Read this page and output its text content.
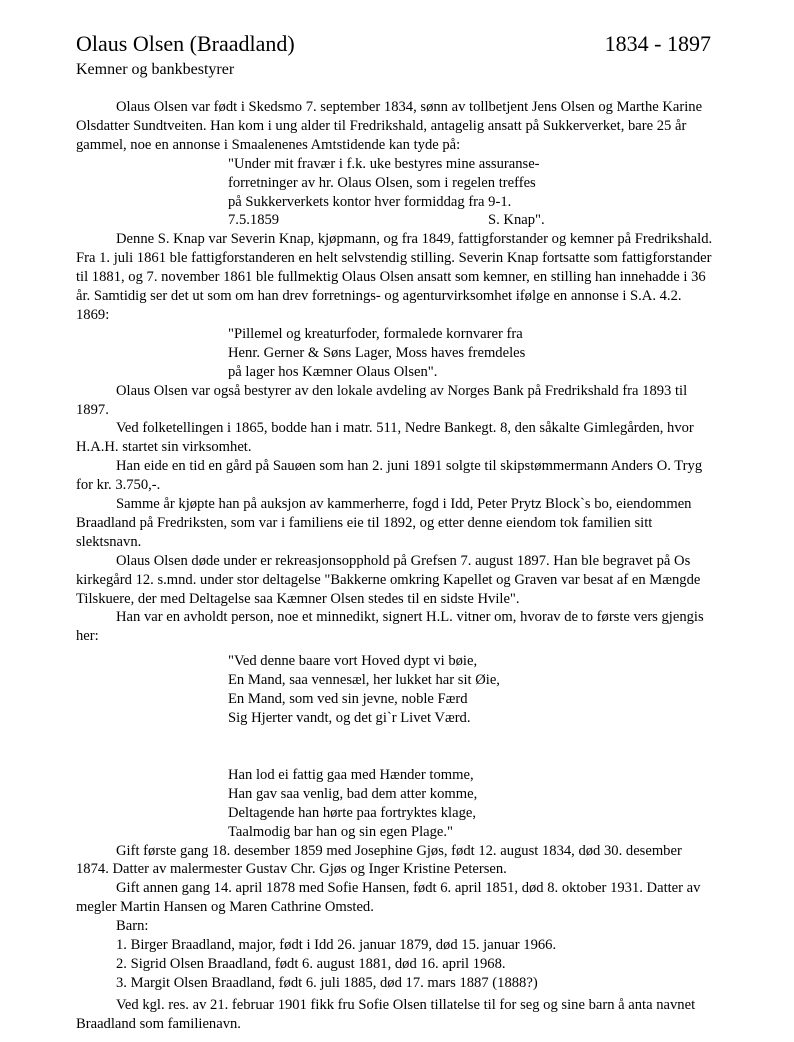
Olaus Olsen (Braadland)	1834 - 1897
Kemner og bankbestyrer

Olaus Olsen var født i Skedsmo 7. september 1834, sønn av tollbetjent Jens Olsen og Marthe Karine Olsdatter Sundtveiten. Han kom i ung alder til Fredrikshald, antagelig ansatt på Sukkerverket, bare 25 år gammel, noe en annonse i Smaalenenes Amtstidende kan tyde på:

"Under mit fravær i f.k. uke bestyres mine assuranse-
forretninger av hr. Olaus Olsen, som i regelen treffes
på Sukkerverkets kontor hver formiddag fra 9-1.
7.5.1859	S. Knap".

Denne S. Knap var Severin Knap, kjøpmann, og fra 1849, fattigforstander og kemner på Fredrikshald. Fra 1. juli 1861 ble fattigforstanderen en helt selvstendig stilling. Severin Knap fortsatte som fattigforstander til 1881, og 7. november 1861 ble fullmektig Olaus Olsen ansatt som kemner, en stilling han innehadde i 36 år. Samtidig ser det ut som om han drev forretnings- og agenturvirksomhet ifølge en annonse i S.A. 4.2. 1869:

"Pillemel og kreaturfoder, formalede kornvarer fra
Henr. Gerner & Søns Lager, Moss haves fremdeles
på lager hos Kæmner Olaus Olsen".

Olaus Olsen var også bestyrer av den lokale avdeling av Norges Bank på Fredrikshald fra 1893 til 1897.

Ved folketellingen i 1865, bodde han i matr. 511, Nedre Bankegt. 8, den såkalte Gimlegården, hvor H.A.H. startet sin virksomhet.

Han eide en tid en gård på Sauøen som han 2. juni 1891 solgte til skipstømmermann Anders O. Tryg for kr. 3.750,-.

Samme år kjøpte han på auksjon av kammerherre, fogd i Idd, Peter Prytz Block`s bo, eiendommen Braadland på Fredriksten, som var i familiens eie til 1892, og etter denne eiendom tok familien sitt slektsnavn.

Olaus Olsen døde under er rekreasjonsopphold på Grefsen 7. august 1897. Han ble begravet på Os kirkegård 12. s.mnd. under stor deltagelse "Bakkerne omkring Kapellet og Graven var besat af en Mængde Tilskuere, der med Deltagelse saa Kæmner Olsen stedes til en sidste Hvile".

Han var en avholdt person, noe et minnedikt, signert H.L. vitner om, hvorav de to første vers gjengis her:

"Ved denne baare vort Hoved dypt vi bøie,
En Mand, saa vennesæl, her lukket har sit Øie,
En Mand, som ved sin jevne, noble Færd
Sig Hjerter vandt, og det gi`r Livet Værd.
Han lod ei fattig gaa med Hænder tomme,
Han gav saa venlig, bad dem atter komme,
Deltagende han hørte paa fortryktes klage,
Taalmodig bar han og sin egen Plage."

Gift første gang 18. desember 1859 med Josephine Gjøs, født 12. august 1834, død 30. desember 1874. Datter av malermester Gustav Chr. Gjøs og Inger Kristine Petersen.

Gift annen gang 14. april 1878 med Sofie Hansen, født 6. april 1851, død 8. oktober 1931. Datter av megler Martin Hansen og Maren Cathrine Omsted.

Barn:
1. Birger Braadland, major, født i Idd 26. januar 1879, død 15. januar 1966.
2. Sigrid Olsen Braadland, født 6. august 1881, død 16. april 1968.
3. Margit Olsen Braadland, født 6. juli 1885, død 17. mars 1887 (1888?)

Ved kgl. res. av 21. februar 1901 fikk fru Sofie Olsen tillatelse til for seg og sine barn å anta navnet Braadland som familienavn.
